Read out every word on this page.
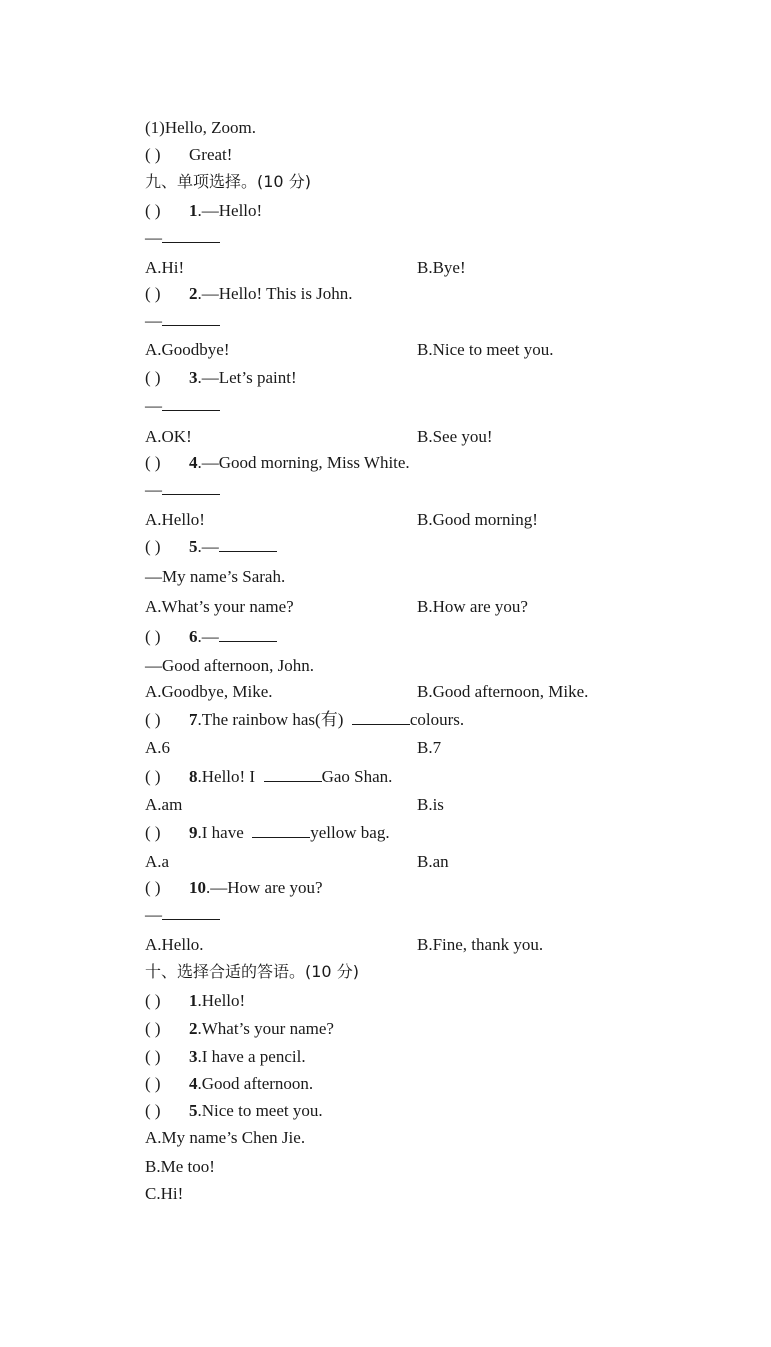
(1)Hello, Zoom.
( ) Great!
九、单项选择。(10 分)
( ) 1.—Hello!
—
A.Hi!	B.Bye!
( ) 2.—Hello! This is John.
—
A.Goodbye!	B.Nice to meet you.
( ) 3.—Let’s paint!
—
A.OK!	B.See you!
( ) 4.—Good morning, Miss White.
—
A.Hello!	B.Good morning!
( ) 5.—
—My name’s Sarah.
A.What’s your name?	B.How are you?
( ) 6.—
—Good afternoon, John.
A.Goodbye, Mike.	B.Good afternoon, Mike.
( ) 7.The rainbow has(有)	colours.
A.6	B.7
( ) 8.Hello! I	Gao Shan.
A.am	B.is
( ) 9.I have	yellow bag.
A.a	B.an
( ) 10.—How are you?
—
A.Hello.	B.Fine, thank you.
十、选择合适的答语。(10 分)
( ) 1.Hello!
( ) 2.What’s your name?
( ) 3.I have a pencil.
( ) 4.Good afternoon.
( ) 5.Nice to meet you.
A.My name’s Chen Jie.
B.Me too!
C.Hi!
